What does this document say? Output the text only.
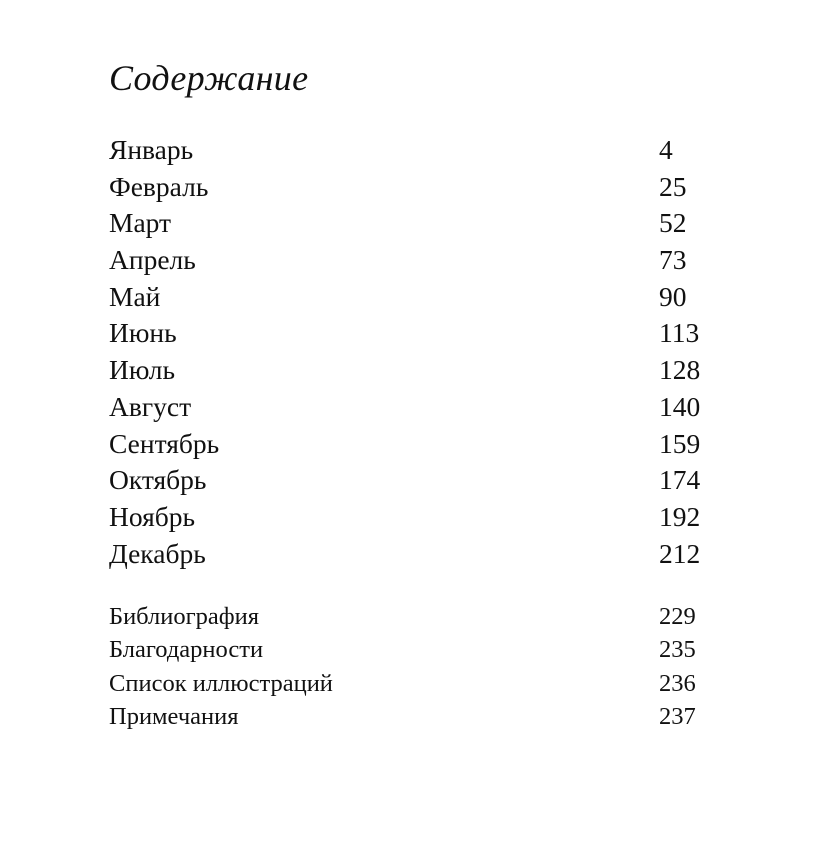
Содержание
Январь	4
Февраль	25
Март	52
Апрель	73
Май	90
Июнь	113
Июль	128
Август	140
Сентябрь	159
Октябрь	174
Ноябрь	192
Декабрь	212
Библиография	229
Благодарности	235
Список иллюстраций	236
Примечания	237
